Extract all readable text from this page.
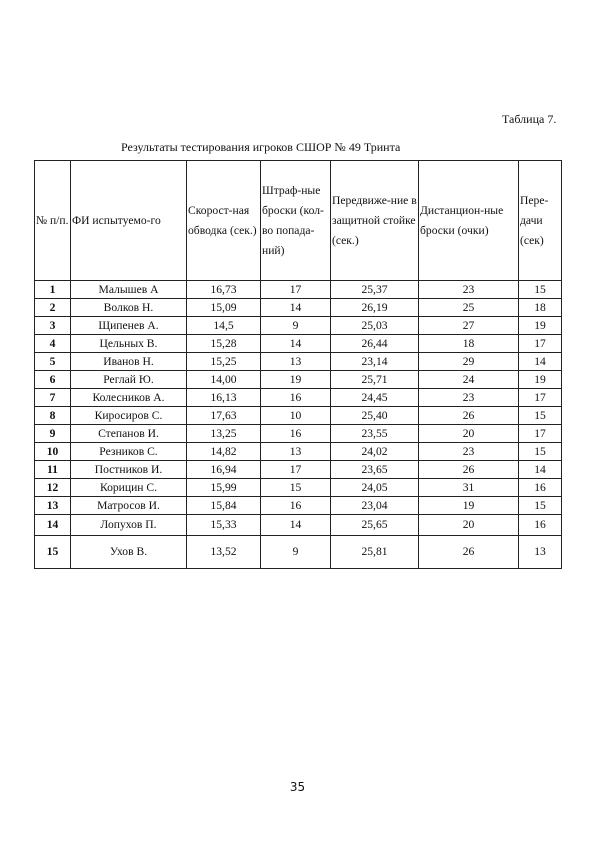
Таблица 7.
Результаты тестирования игроков СШОР № 49 Тринта
№ п/п.	ФИ испытуемо-го	Скорост-ная обводка (сек.)	Штраф-ные броски (кол-во попада-ний)	Передвиже-ние в защитной стойке (сек.)	Дистанцион-ные броски (очки)	Пере-дачи (сек)

1	Малышев А	16,73	17	25,37	23	15
2	Волков Н.	15,09	14	26,19	25	18
3	Щипенев А.	14,5	9	25,03	27	19
4	Цельных В.	15,28	14	26,44	18	17
5	Иванов Н.	15,25	13	23,14	29	14
6	Реглай Ю.	14,00	19	25,71	24	19
7	Колесников А.	16,13	16	24,45	23	17
8	Киросиров С.	17,63	10	25,40	26	15
9	Степанов И.	13,25	16	23,55	20	17
10	Резников С.	14,82	13	24,02	23	15
11	Постников И.	16,94	17	23,65	26	14
12	Корицин С.	15,99	15	24,05	31	16
13	Матросов И.	15,84	16	23,04	19	15
14	Лопухов П.	15,33	14	25,65	20	16
15	Ухов В.	13,52	9	25,81	26	13
35
